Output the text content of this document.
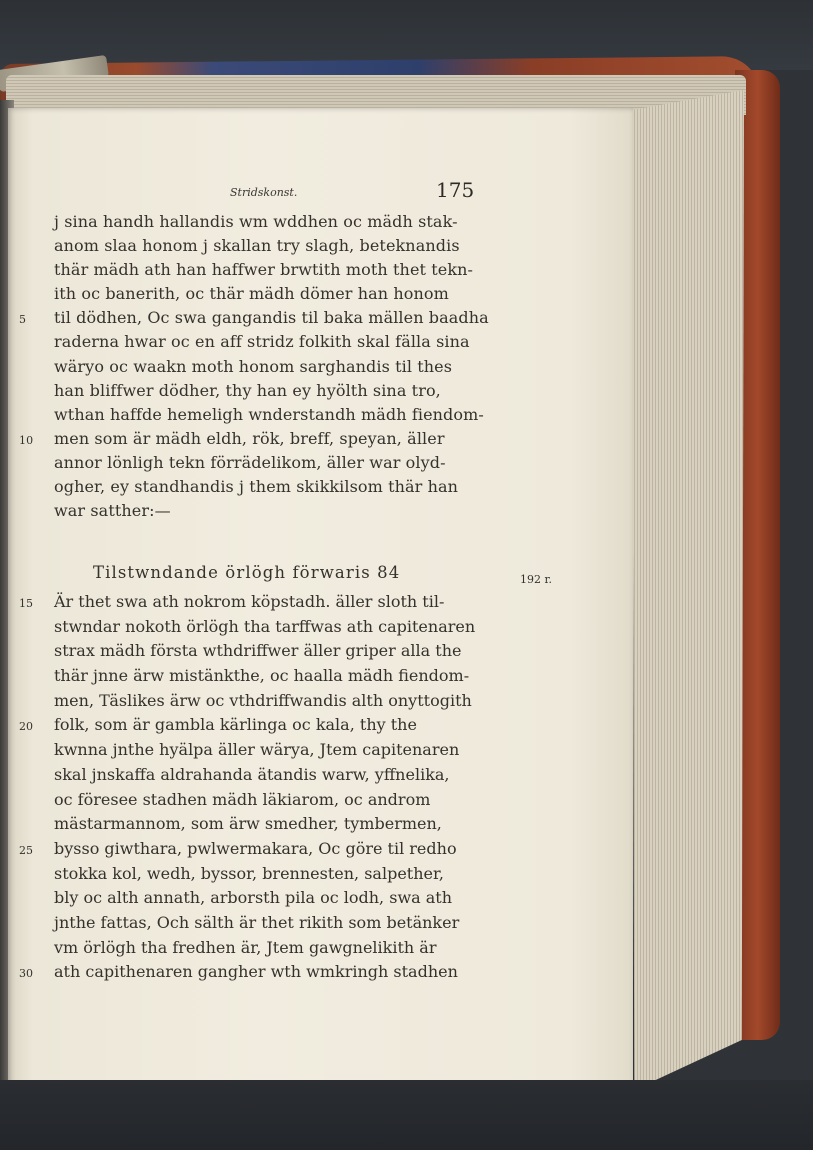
Stridskonst.	175
j sina handh hallandis wm wddhen oc mädh stak-
anom slaa honom j skallan try slagh, beteknandis
thär mädh ath han haffwer brwtith moth thet tekn-
ith oc banerith, oc thär mädh dömer han honom
5 til dödhen, Oc swa gangandis til baka mällen baadha
raderna hwar oc en aff stridz folkith skal fälla sina
wäryo oc waakn moth honom sarghandis til thes
han bliffwer dödher, thy han ey hyölth sina tro,
wthan haffde hemeligh wnderstandh mädh fiendom-
10 men som är mädh eldh, rök, breff, speyan, äller
annor lönligh tekn förrädelikom, äller war olyd-
ogher, ey standhandis j them skikkilsom thär han
war satther:—
Tilstwndande örlögh förwaris 84
15 Är thet swa ath nokrom köpstadh. äller sloth til-
stwndar nokoth örlögh tha tarffwas ath capitenaren
strax mädh första wthdriffwer äller griper alla the
thär jnne ärw mistänkthe, oc haalla mädh fiendom-
men, Täslikes ärw oc vthdriffwandis alth onyttogith
20 folk, som är gambla kärlinga oc kala, thy the
kwnna jnthe hyälpa äller wärya, Jtem capitenaren
skal jnskaffa aldrahanda ätandis warw, yffnelika,
oc föresee stadhen mädh läkiarom, oc androm
mästarmannom, som ärw smedher, tymbermen,
25 bysso giwthara, pwlwermakara, Oc göre til redho
stokka kol, wedh, byssor, brennesten, salpether,
bly oc alth annath, arborsth pila oc lodh, swa ath
jnthe fattas, Och sälth är thet rikith som betänker
vm örlögh tha fredhen är, Jtem gawgnelikith är
30 ath capithenaren gangher wth wmkringh stadhen
192 r.
